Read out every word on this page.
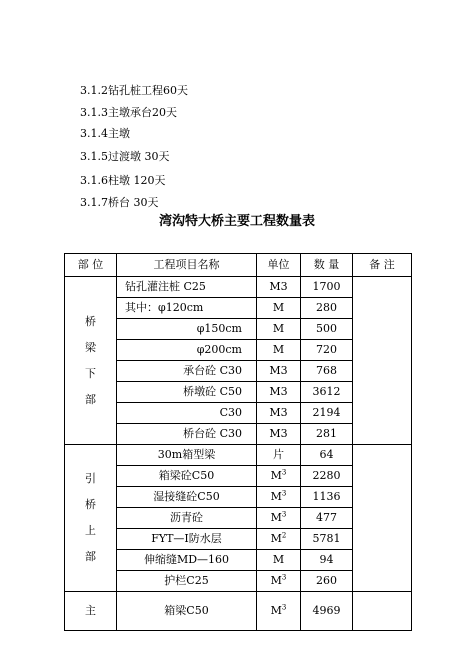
3.1.2钻孔桩工程60天
3.1.3主墩承台20天
3.1.4主墩
3.1.5过渡墩 30天
3.1.6柱墩 120天
3.1.7桥台 30天
湾沟特大桥主要工程数量表
部 位	工程项目名称	单位	数 量	备 注

桥
梁
下
部	钻孔灌注桩 C25	M3	1700	
	其中：φ120cm	M	280	
	φ150cm	M	500	
	φ200cm	M	720	
	承台砼 C30	M3	768	
	桥墩砼 C50	M3	3612	
	C30	M3	2194	
	桥台砼 C30	M3	281	

引
桥
上
部	30m箱型梁	片	64	
	箱梁砼C50	$M^3$	2280	
	湿接缝砼C50	$M^3$	1136	
	沥青砼	$M^3$	477	
	FYT—Ⅰ防水层	$M^2$	5781	
	伸缩缝MD—160	M	94	
	护栏C25	$M^3$	260	

主	箱梁C50	$M^3$	4969	
